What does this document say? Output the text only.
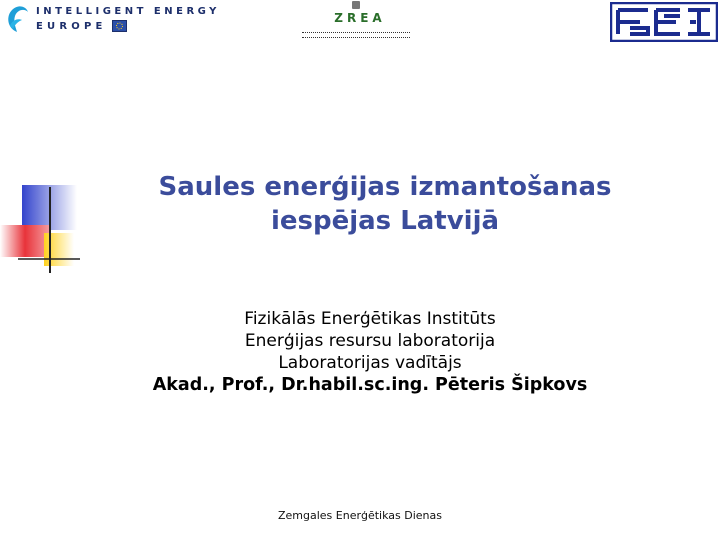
INTELLIGENT ENERGY
EUROPE
ZREA
Saules enerģijas izmantošanas
iespējas Latvijā
Fizikālās Enerģētikas Institūts
Enerģijas resursu laboratorija
Laboratorijas vadītājs
Akad., Prof., Dr.habil.sc.ing. Pēteris Šipkovs
Zemgales Enerģētikas Dienas
